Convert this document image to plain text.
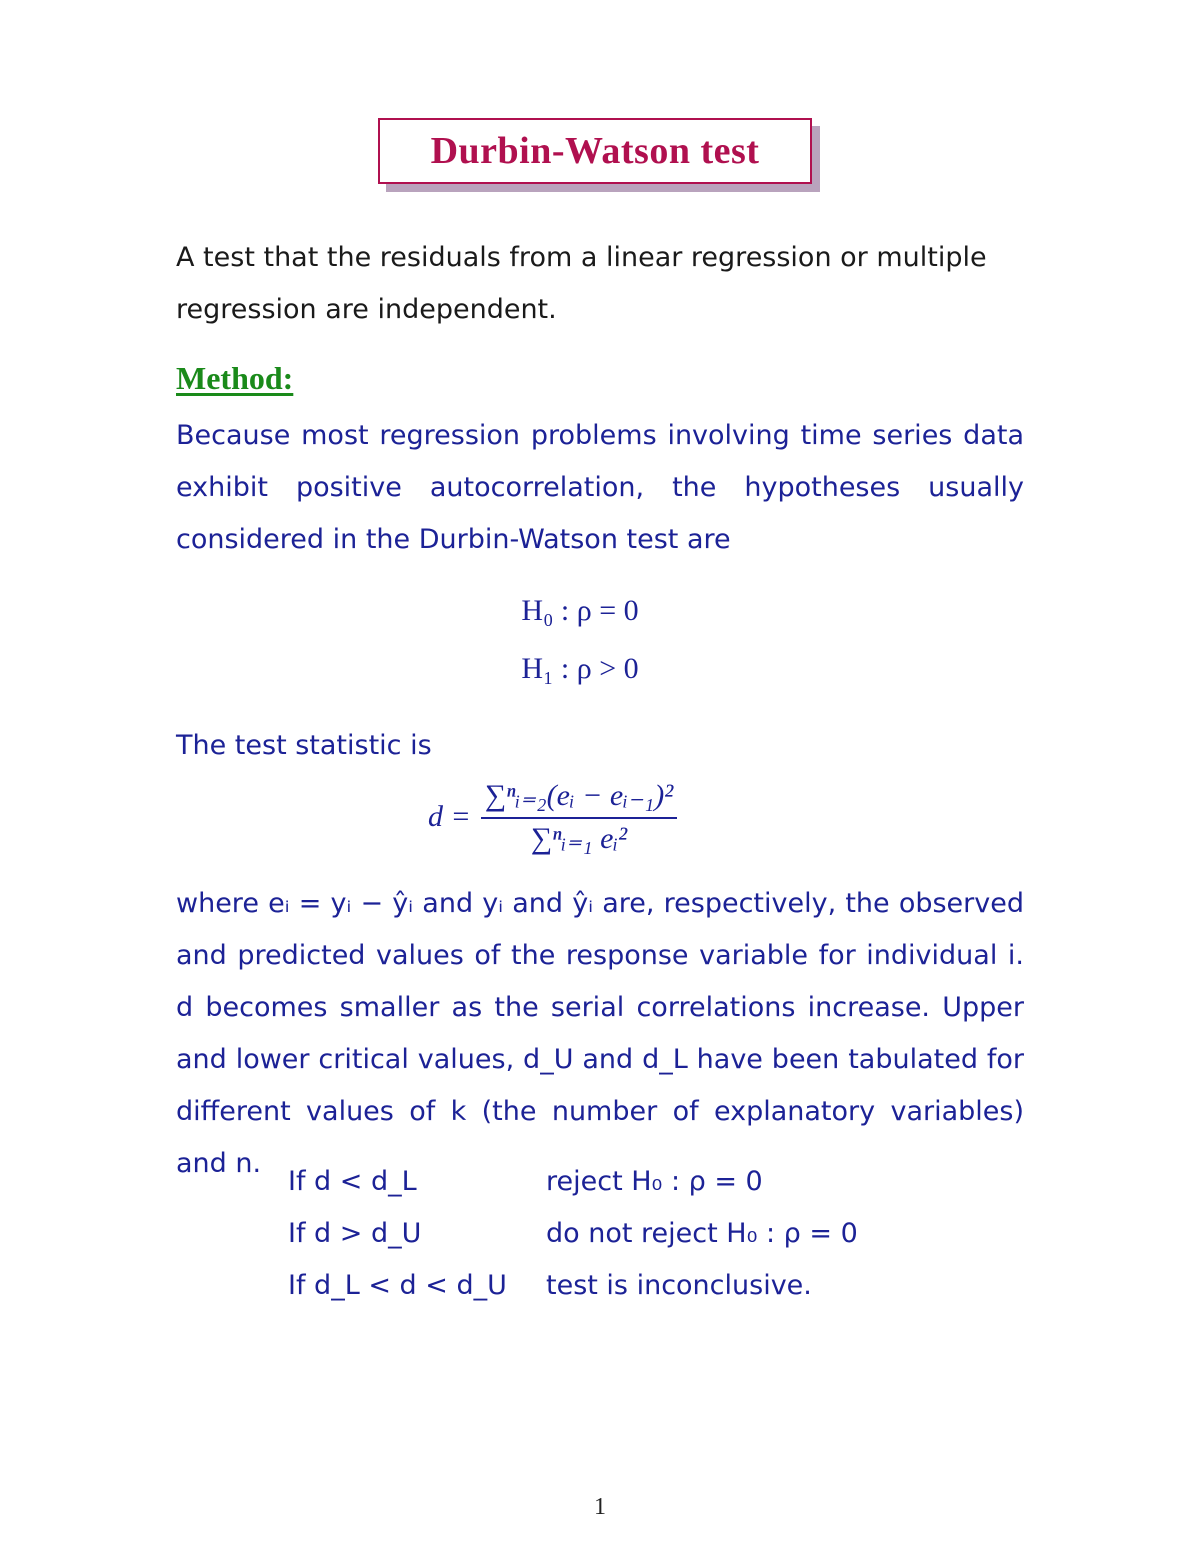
Durbin-Watson test

A test that the residuals from a linear regression or multiple regression are independent.

Method:

Because most regression problems involving time series data exhibit positive autocorrelation, the hypotheses usually considered in the Durbin-Watson test are

H₀ : ρ = 0
H₁ : ρ > 0

The test statistic is

$d = \frac{\text{∑ⁿᵢ₌₂(eᵢ − eᵢ₋₁)²}}{\text{∑ⁿᵢ₌₁ eᵢ²}}$

where eᵢ = yᵢ − ŷᵢ and yᵢ and ŷᵢ are, respectively, the observed and predicted values of the response variable for individual i. d becomes smaller as the serial correlations increase. Upper and lower critical values, d_U and d_L have been tabulated for different values of k (the number of explanatory variables) and n.

If d < d_L	reject H₀ : ρ = 0
If d > d_U	do not reject H₀ : ρ = 0
If d_L < d < d_U	test is inconclusive.
1
